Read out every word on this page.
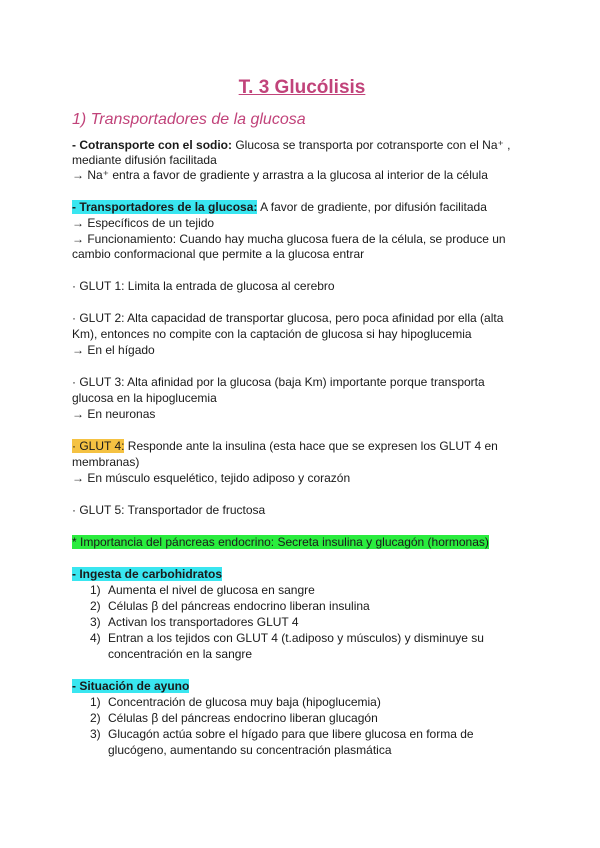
T. 3 Glucólisis
1) Transportadores de la glucosa

- Cotransporte con el sodio: Glucosa se transporta por cotransporte con el Na⁺ ,

mediante difusión facilitada

→ Na⁺ entra a favor de gradiente y arrastra a la glucosa al interior de la célula

- Transportadores de la glucosa: A favor de gradiente, por difusión facilitada

→ Específicos de un tejido

→ Funcionamiento: Cuando hay mucha glucosa fuera de la célula, se produce un

cambio conformacional que permite a la glucosa entrar

· GLUT 1: Limita la entrada de glucosa al cerebro

· GLUT 2: Alta capacidad de transportar glucosa, pero poca afinidad por ella (alta

Km), entonces no compite con la captación de glucosa si hay hipoglucemia

→ En el hígado

· GLUT 3: Alta afinidad por la glucosa (baja Km) importante porque transporta

glucosa en la hipoglucemia

→ En neuronas

· GLUT 4: Responde ante la insulina (esta hace que se expresen los GLUT 4 en

membranas)

→ En músculo esquelético, tejido adiposo y corazón

· GLUT 5: Transportador de fructosa

* Importancia del páncreas endocrino: Secreta insulina y glucagón (hormonas)

- Ingesta de carbohidratos

1) Aumenta el nivel de glucosa en sangre
2) Células β del páncreas endocrino liberan insulina
3) Activan los transportadores GLUT 4
4) Entran a los tejidos con GLUT 4 (t.adiposo y músculos) y disminuye su
concentración en la sangre

- Situación de ayuno

1) Concentración de glucosa muy baja (hipoglucemia)
2) Células β del páncreas endocrino liberan glucagón
3) Glucagón actúa sobre el hígado para que libere glucosa en forma de
glucógeno, aumentando su concentración plasmática
